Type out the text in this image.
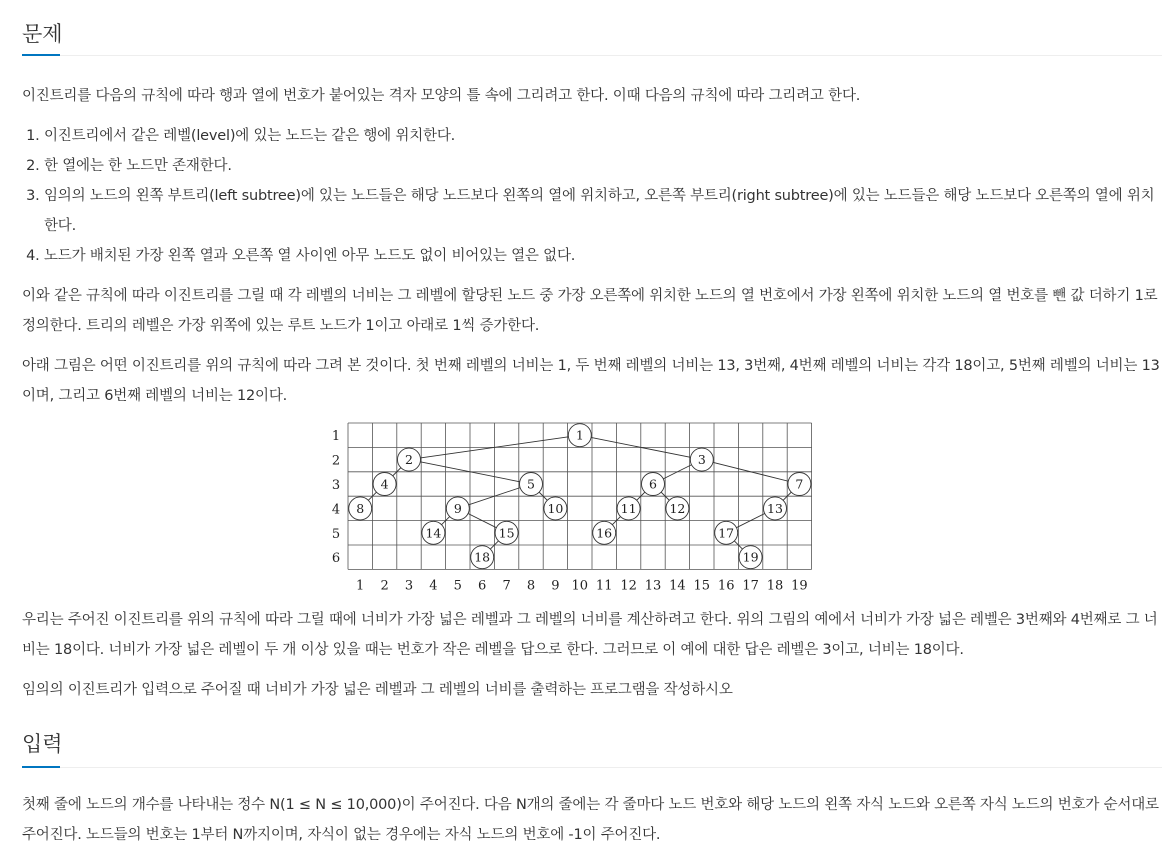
문제

이진트리를 다음의 규칙에 따라 행과 열에 번호가 붙어있는 격자 모양의 틀 속에 그리려고 한다. 이때 다음의 규칙에 따라 그리려고 한다.

1. 이진트리에서 같은 레벨(level)에 있는 노드는 같은 행에 위치한다.
2. 한 열에는 한 노드만 존재한다.
3. 임의의 노드의 왼쪽 부트리(left subtree)에 있는 노드들은 해당 노드보다 왼쪽의 열에 위치하고, 오른쪽 부트리(right subtree)에 있는 노드들은 해당 노드보다 오른쪽의 열에 위치한다.
4. 노드가 배치된 가장 왼쪽 열과 오른쪽 열 사이엔 아무 노드도 없이 비어있는 열은 없다.

이와 같은 규칙에 따라 이진트리를 그릴 때 각 레벨의 너비는 그 레벨에 할당된 노드 중 가장 오른쪽에 위치한 노드의 열 번호에서 가장 왼쪽에 위치한 노드의 열 번호를 뺀 값 더하기 1로 정의한다. 트리의 레벨은 가장 위쪽에 있는 루트 노드가 1이고 아래로 1씩 증가한다.

아래 그림은 어떤 이진트리를 위의 규칙에 따라 그려 본 것이다. 첫 번째 레벨의 너비는 1, 두 번째 레벨의 너비는 13, 3번째, 4번째 레벨의 너비는 각각 18이고, 5번째 레벨의 너비는 13이며, 그리고 6번째 레벨의 너비는 12이다.

1
2
3
4
5
6
1 2 3 4 5 6 7 8 9 10 11 12 13 14 15 16 17 18 19
1
2	3
4	5	6	7
8	9	10	11	12	13
14	15	16	17
18	19

우리는 주어진 이진트리를 위의 규칙에 따라 그릴 때에 너비가 가장 넓은 레벨과 그 레벨의 너비를 계산하려고 한다. 위의 그림의 예에서 너비가 가장 넓은 레벨은 3번째와 4번째로 그 너비는 18이다. 너비가 가장 넓은 레벨이 두 개 이상 있을 때는 번호가 작은 레벨을 답으로 한다. 그러므로 이 예에 대한 답은 레벨은 3이고, 너비는 18이다.

임의의 이진트리가 입력으로 주어질 때 너비가 가장 넓은 레벨과 그 레벨의 너비를 출력하는 프로그램을 작성하시오

입력

첫째 줄에 노드의 개수를 나타내는 정수 N(1 ≤ N ≤ 10,000)이 주어진다. 다음 N개의 줄에는 각 줄마다 노드 번호와 해당 노드의 왼쪽 자식 노드와 오른쪽 자식 노드의 번호가 순서대로 주어진다. 노드들의 번호는 1부터 N까지이며, 자식이 없는 경우에는 자식 노드의 번호에 -1이 주어진다.
